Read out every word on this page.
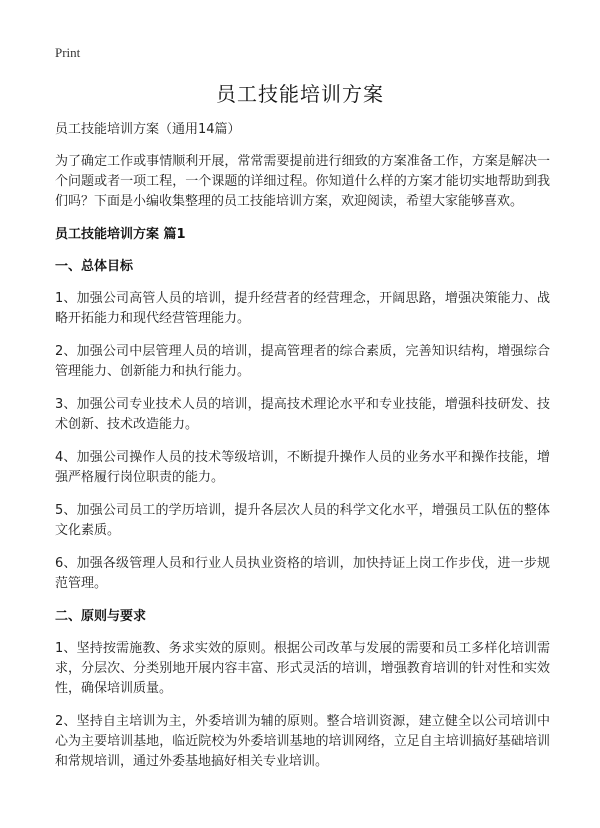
Print
员工技能培训方案

员工技能培训方案（通用14篇）

为了确定工作或事情顺利开展，常常需要提前进行细致的方案准备工作，方案是解决一个问题或者一项工程，一个课题的详细过程。你知道什么样的方案才能切实地帮助到我们吗？下面是小编收集整理的员工技能培训方案，欢迎阅读，希望大家能够喜欢。

员工技能培训方案 篇1

一、总体目标

1、加强公司高管人员的培训，提升经营者的经营理念，开阔思路，增强决策能力、战略开拓能力和现代经营管理能力。

2、加强公司中层管理人员的培训，提高管理者的综合素质，完善知识结构，增强综合管理能力、创新能力和执行能力。

3、加强公司专业技术人员的培训，提高技术理论水平和专业技能，增强科技研发、技术创新、技术改造能力。

4、加强公司操作人员的技术等级培训，不断提升操作人员的业务水平和操作技能，增强严格履行岗位职责的能力。

5、加强公司员工的学历培训，提升各层次人员的科学文化水平，增强员工队伍的整体文化素质。

6、加强各级管理人员和行业人员执业资格的培训，加快持证上岗工作步伐，进一步规范管理。

二、原则与要求

1、坚持按需施教、务求实效的原则。根据公司改革与发展的需要和员工多样化培训需求，分层次、分类别地开展内容丰富、形式灵活的培训，增强教育培训的针对性和实效性，确保培训质量。

2、坚持自主培训为主，外委培训为辅的原则。整合培训资源，建立健全以公司培训中心为主要培训基地，临近院校为外委培训基地的培训网络，立足自主培训搞好基础培训和常规培训，通过外委基地搞好相关专业培训。
